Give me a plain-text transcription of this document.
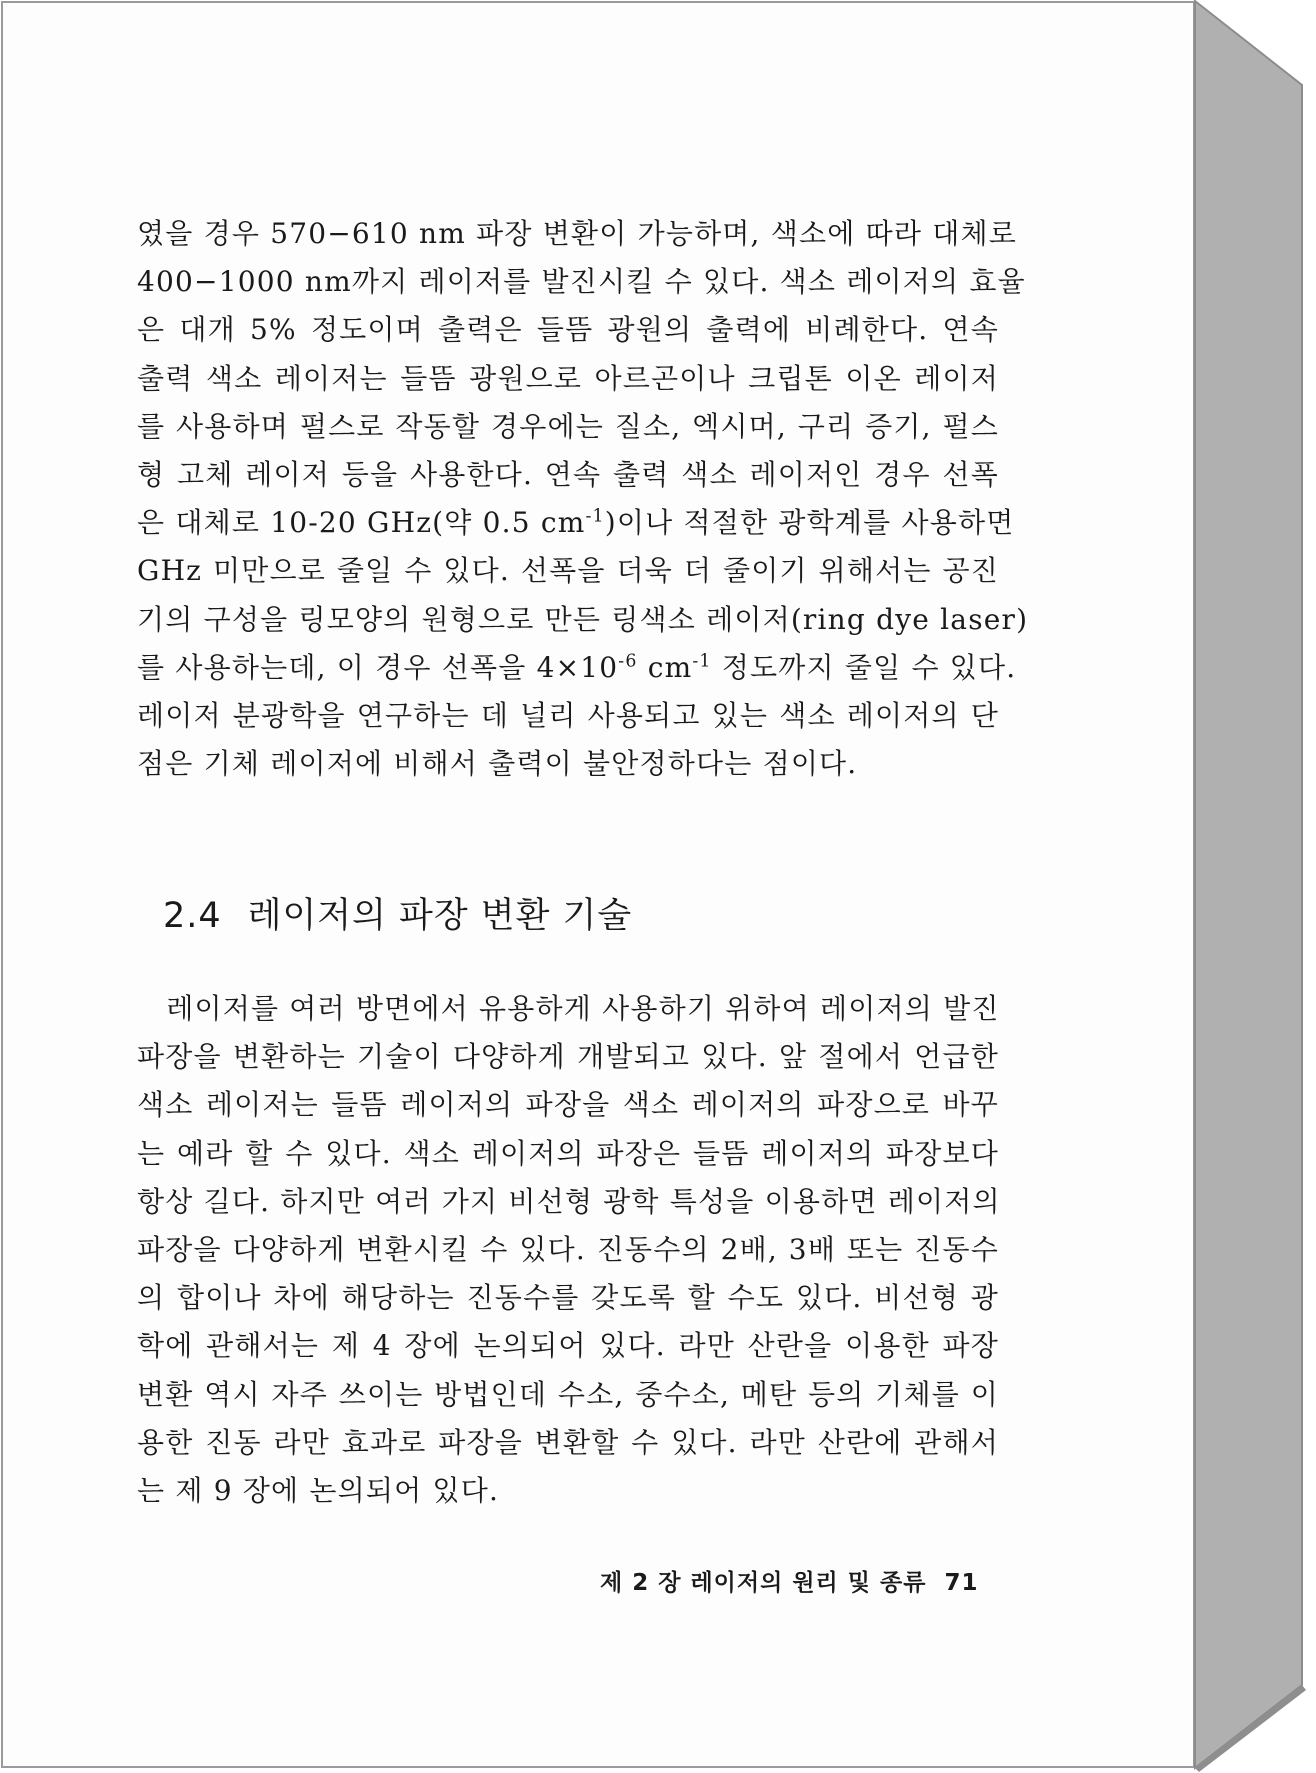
였을 경우 570−610 nm 파장 변환이 가능하며, 색소에 따라 대체로
400−1000 nm까지 레이저를 발진시킬 수 있다. 색소 레이저의 효율
은 대개 5% 정도이며 출력은 들뜸 광원의 출력에 비례한다. 연속
출력 색소 레이저는 들뜸 광원으로 아르곤이나 크립톤 이온 레이저
를 사용하며 펄스로 작동할 경우에는 질소, 엑시머, 구리 증기, 펄스
형 고체 레이저 등을 사용한다. 연속 출력 색소 레이저인 경우 선폭
은 대체로 10-20 GHz(약 0.5 $cm^{-1}$)이나 적절한 광학계를 사용하면
GHz 미만으로 줄일 수 있다. 선폭을 더욱 더 줄이기 위해서는 공진
기의 구성을 링모양의 원형으로 만든 링색소 레이저(ring dye laser)
를 사용하는데, 이 경우 선폭을 $4\times 10^{-6}$ $cm^{-1}$ 정도까지 줄일 수 있다.
레이저 분광학을 연구하는 데 널리 사용되고 있는 색소 레이저의 단
점은 기체 레이저에 비해서 출력이 불안정하다는 점이다.
2.4 레이저의 파장 변환 기술
　레이저를 여러 방면에서 유용하게 사용하기 위하여 레이저의 발진
파장을 변환하는 기술이 다양하게 개발되고 있다. 앞 절에서 언급한
색소 레이저는 들뜸 레이저의 파장을 색소 레이저의 파장으로 바꾸
는 예라 할 수 있다. 색소 레이저의 파장은 들뜸 레이저의 파장보다
항상 길다. 하지만 여러 가지 비선형 광학 특성을 이용하면 레이저의
파장을 다양하게 변환시킬 수 있다. 진동수의 2배, 3배 또는 진동수
의 합이나 차에 해당하는 진동수를 갖도록 할 수도 있다. 비선형 광
학에 관해서는 제 4 장에 논의되어 있다. 라만 산란을 이용한 파장
변환 역시 자주 쓰이는 방법인데 수소, 중수소, 메탄 등의 기체를 이
용한 진동 라만 효과로 파장을 변환할 수 있다. 라만 산란에 관해서
는 제 9 장에 논의되어 있다.
제 2 장 레이저의 원리 및 종류 71
